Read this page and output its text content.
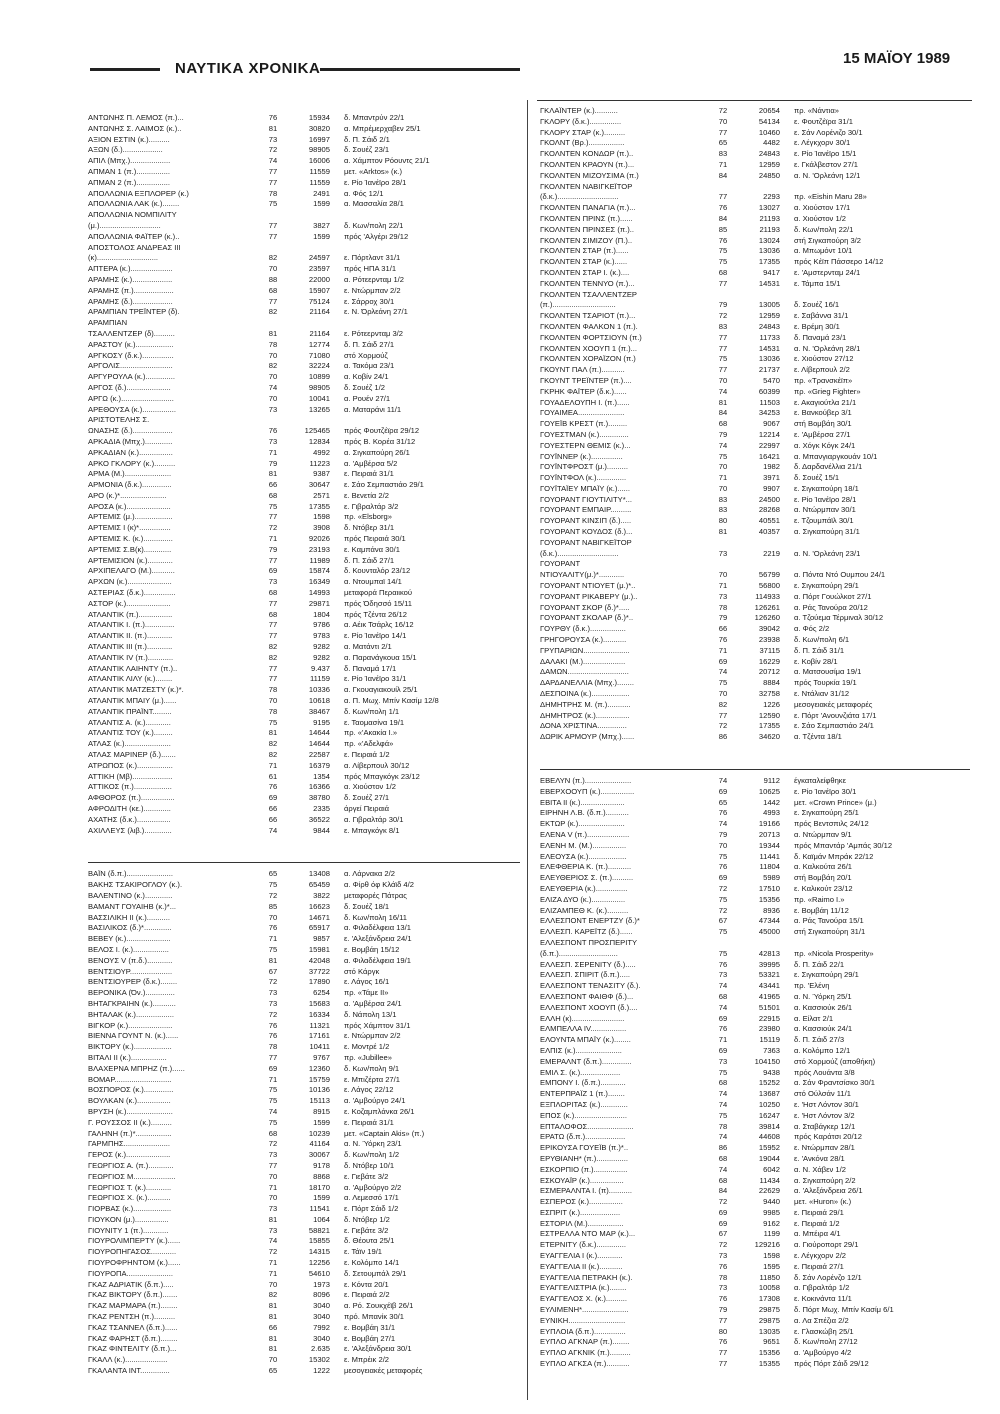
ΝΑΥΤΙΚΑ ΧΡΟΝΙΚΑ
15 ΜΑΪΟΥ 1989
ΑΝΤΩΝΗΣ Π. ΛΕΜΟΣ (π.)...	76	15934	δ. Μπαντρύν 22/1
ΑΝΤΩΝΗΣ Σ. ΛΑΙΜΟΣ (κ.)..	81	30820	α. Μπρέμερχαβεν 25/1
ΑΞΙΟΝ ΕΣΤΙΝ (κ.)..........	73	16997	δ. Π. Σάιδ 2/1
ΑΞΩΝ (δ.)...................	72	98905	δ. Σουέζ 23/1
ΑΠΙΛ (Μπχ.)...................	74	16006	α. Χάμπτον Ρόουντς 21/1
ΑΠΜΑΝ 1 (π.)................	77	11559	μετ. «Arktos» (κ.)
ΑΠΜΑΝ 2 (π.)................	77	11559	ε. Ρίο Ίανέϊρο 28/1
ΑΠΟΛΛΩΝΙΑ ΕΞΠΛΟΡΕΡ (κ.)	78	2491	α. Φός 12/1
ΑΠΟΛΛΩΝΙΑ ΛΑΚ (κ.)........	75	1599	α. Μασσαλία 28/1
ΑΠΟΛΛΩΝΙΑ ΝΟΜΠΙΛΙΤΥ
(μ.).............................	77	3827	δ. Κων/πολη 22/1
ΑΠΟΛΛΩΝΙΑ ΦΑΪΤΕΡ (κ.)..	77	1599	πρός 'Αλγέρι 29/12
ΑΠΟΣΤΟΛΟΣ ΑΝΔΡΕΑΣ III
(κ).............................	82	24597	ε. Πόρτλαντ 31/1
ΑΠΤΕΡΑ (κ.)....................	70	23597	πρός ΗΠΑ 31/1
ΑΡΑΜΗΣ (κ.)...................	88	22000	α. Ρότεερνταμ 1/2
ΑΡΑΜΗΣ (π.)...................	68	15907	ε. Ντώρμπαν 2/2
ΑΡΑΜΗΣ (δ.)...................	77	75124	ε. Σάρροχ 30/1
ΑΡΑΜΠΙΑΝ ΤΡΕΪΝΤΕΡ (δ).	82	21164	ε. Ν. Όρλεάνη 27/1
ΑΡΑΜΠΙΑΝ
ΤΣΑΛΛΕΝΤΖΕΡ (δ)..........	81	21164	ε. Ρότεερνταμ 3/2
ΑΡΑΣΤΟΥ (κ.)..................	78	12774	δ. Π. Σάιδ 27/1
ΑΡΓΚΟΣΥ (δ.κ.)...............	70	71080	στό Χορμούζ
ΑΡΓΟΛΙΣ.........................	82	32224	α. Τακόμα 23/1
ΑΡΓΥΡΟΥΛΑ (κ.)..............	70	10899	α. Κοβίν 24/1
ΑΡΓΟΣ (δ.).....................	74	98905	δ. Σουέζ 1/2
ΑΡΓΩ (κ.).........................	70	10041	α. Ρουέν 27/1
ΑΡΕΘΟΥΣΑ (κ.)................	73	13265	α. Ματαράνι 11/1
ΑΡΙΣΤΟΤΕΛΗΣ Σ.
ΩΝΑΣΗΣ (δ.)...................	76	125465	πρός Φουτζέϊρα 29/12
ΑΡΚΑΔΙΑ (Μπχ.).............	73	12834	πρός Β. Κορέα 31/12
ΑΡΚΑΔΙΑΝ (κ.)................	71	4992	α. Σιγκαπούρη 26/1
ΑΡΚΟ ΓΚΛΟΡΥ (κ.)..........	79	11223	α. 'Αμβέρσα 5/2
ΑΡΜΑ (Μ.)......................	81	9387	ε. Πειραιά 31/1
ΑΡΜΟΝΙΑ (δ.κ.)..............	66	30647	ε. Σάο Σεμπαστιάο 29/1
ΑΡΟ (κ.)*......................	68	2571	ε. Βενετία 2/2
ΑΡΟΣΑ (κ.).....................	75	17355	ε. Γιβραλτάρ 3/2
ΑΡΤΕΜΙΣ (μ.)..................	77	1598	πρ. «Elsborg»
ΑΡΤΕΜΙΣ Ι (κ)*...............	72	3908	δ. Ντόβερ 31/1
ΑΡΤΕΜΙΣ Κ. (κ.)..............	71	92026	πρός Πειραιά 30/1
ΑΡΤΕΜΙΣ Σ.Β(κ).............	79	23193	ε. Καμπάνα 30/1
ΑΡΤΕΜΙΣΙΟΝ (κ.)............	77	11989	δ. Π. Σάιδ 27/1
ΑΡΧΙΠΕΛΑΓΟ (Μ.)...........	69	15874	δ. Κουνταλόρ 23/12
ΑΡΧΩΝ (κ.).....................	73	16349	α. Ντουμπαϊ 14/1
ΑΣΤΕΡΙΑΣ (δ.κ.)...............	68	14993	μεταφορά Περαιικού
ΑΣΤΟΡ (κ.).....................	77	29871	πρός Όδησσό 15/11
ΑΤΛΑΝΤΙΚ (π.)................	68	1804	πρός Τζέντα 26/12
ΑΤΛΑΝΤΙΚ Ι. (π.)..............	77	9786	α. Αέικ Τσάρλς 16/12
ΑΤΛΑΝΤΙΚ ΙΙ. (π.)............	77	9783	ε. Ρίο Ίανέϊρο 14/1
ΑΤΛΑΝΤΙΚ ΙΙΙ (π.)............	82	9282	α. Ματάντι 2/1
ΑΤΛΑΝΤΙΚ IV (π.)............	82	9282	α. Παρανάγκουα 15/1
ΑΤΛΑΝΤΙΚ ΛΑΙΗΝΤΥ (π.)..	77	9.437	δ. Παναμά 17/1
ΑΤΛΑΝΤΙΚ ΛΙΛΥ (κ.)........	77	11159	ε. Ρίο Ίανέϊρο 31/1
ΑΤΛΑΝΤΙΚ ΜΑΤΖΕΣΤΥ (κ.)*.	78	10336	α. Γκουαγιακουίλ 25/1
ΑΤΛΑΝΤΙΚ ΜΠΑΙΥ (μ.)......	70	10618	α. Π. Μωχ. Μπίν Κασίμ 12/8
ΑΤΛΑΝΤΙΚ ΠΡΑΪΝΤ.........	78	38467	δ. Κων/πολη 1/1
ΑΤΛΑΝΤΙΣ Α. (κ.)............	75	9195	ε. Ταομασίνα 19/1
ΑΤΛΑΝΤΙΣ ΤΟΥ (κ.).........	81	14644	πρ. «'Ακακία Ι.»
ΑΤΛΑΣ (κ.)......................	82	14644	πρ. «'Αδελφά»
ΑΤΛΑΣ ΜΑΡΙΝΕΡ (δ.).......	82	22587	ε. Πειραιά 1/2
ΑΤΡΩΠΟΣ (κ.).................	71	16379	α. Λίβερπουλ 30/12
ΑΤΤΙΚΗ (Μβ)...................	61	1354	πρός Μπαγκόγκ 23/12
ΑΤΤΙΚΟΣ (π.)..................	76	16366	α. Χιούστον 1/2
ΑΦΘΟΡΟΣ (π.)................	69	38780	δ. Σουέζ 27/1
ΑΦΡΟΔΙΤΗ (κε.).............	66	2335	άργεί Πειραιά
ΑΧΑΤΗΣ (δ.κ.)................	66	36522	α. Γιβραλτάρ 30/1
ΑΧΙΛΛΕΥΣ (λιβ.).............	74	9844	ε. Μπαγκόγκ 8/1
ΒΑΪΝ (δ.π.)......................	65	13408	α. Λάρνακα 2/2
ΒΑΚΗΣ ΤΣΑΚΙΡΟΓΛΟΥ (κ.).	75	65459	α. Φίρθ όφ Κλάϊδ 4/2
ΒΑΛΕΝΤΙΝΟ (κ.).............	72	3822	μεταφορές Πάτρας
ΒΑΜΑΝΤ ΓΟΥΑΙΗΒ (κ.)*...	85	16623	δ. Σουέζ 18/1
ΒΑΣΣΙΛΙΚΗ ΙΙ (κ.)...........	70	14671	δ. Κων/πολη 16/11
ΒΑΣΙΛΙΚΟΣ (δ.)*.............	76	65917	α. Φιλαδέλφεια 13/1
ΒΕΒΕΥ (κ.).....................	71	9857	ε. 'Αλεξάνδρεια 24/1
ΒΕΛΟΣ Ι. (κ.).................	75	15981	ε. Βομβάη 15/12
ΒΕΝΟΥΣ V (π.δ.)............	81	42048	α. Φιλαδέλφεια 19/1
ΒΕΝΤΣΙΟΥΡ....................	67	37722	στό Κάργκ
ΒΕΝΤΣΙΟΥΡΕΡ (δ.κ.)........	72	17890	ε. Λάγος 16/1
ΒΕΡΟΝΙΚΑ (Όν.)..............	73	6254	πρ. «Τάμε ΙΙ»
ΒΗΤΑΓΚΡΑΙΗΝ (κ.)...........	73	15683	α. 'Αμβέρσα 24/1
ΒΗΤΑΛΑΚ (κ.)..................	72	16334	δ. Νάπολη 13/1
ΒΙΓΚΟΡ (κ.).....................	76	11321	πρός Χάμπτον 31/1
ΒΙΕΝΝΑ ΓΟΥΝΤ Ν. (κ.)......	76	17161	ε. Ντώρμπαν 2/2
ΒΙΚΤΟΡΥ (κ.)..................	78	10411	ε. Μοντρέ 1/2
ΒΙΤΑΛΙ ΙΙ (κ.).................	77	9767	πρ. «Jubillee»
ΒΛΑΧΕΡΝΑ ΜΠΡΗΖ (π.)......	69	12360	δ. Κων/πολη 9/1
ΒΟΜΑΡ...........................	71	15759	ε. Μπιζέρτα 27/1
ΒΟΣΠΟΡΟΣ (κ.)..............	75	10136	ε. Λάγος 22/12
ΒΟΥΛΚΑΝ (κ.)................	75	15113	α. 'Αμβούργο 24/1
ΒΡΥΣΗ (κ.)......................	74	8915	ε. Κοζαμπλάνκα 26/1
Γ. ΡΟΥΣΣΟΣ ΙΙ (κ.)..........	75	1599	ε. Πειραιά 31/1
ΓΑΛΗΝΗ (π.)*.................	68	10239	μετ. «Captain Akis» (π.)
ΓΑΡΜΠΗΣ......................	72	41164	α. Ν. Ύόρκη 23/1
ΓΕΡΟΣ (κ.).....................	73	30067	δ. Κων/πολη 1/2
ΓΕΩΡΓΙΟΣ Α. (π.)............	77	9178	δ. Ντόβερ 10/1
ΓΕΩΡΓΙΟΣ Μ....................	70	8868	ε. Γιεβάτε 3/2
ΓΕΩΡΓΙΟΣ Τ. (κ.)............	71	18170	α. 'Αμβούργο 2/2
ΓΕΩΡΓΙΟΣ Χ. (κ.)...........	70	1599	α. Λεμεσσό 17/1
ΓΙΟΡΒΑΣ (κ.)..................	73	11541	ε. Πόρτ Σάιδ 1/2
ΓΙΟΥΚΟΝ (μ.)................	81	1064	δ. Ντόβερ 1/2
ΓΙΟΥΝΙΤΥ 1 (π.)............	73	58821	ε. Γιεβάτε 3/2
ΓΙΟΥΡΟΛΙΜΠΕΡΤΥ (κ.)......	74	15855	δ. Θέουτα 25/1
ΓΙΟΥΡΟΠΗΓΑΣΟΣ............	72	14315	ε. Τάϊν 19/1
ΓΙΟΥΡΟΦΡΗΝΤΟΜ (κ.)......	71	12256	ε. Κολόμπο 14/1
ΓΙΟΥΡΟΠΑ......................	71	54610	δ. Σετουμπάλ 29/1
ΓΚΑΖ ΑΔΡΙΑΤΙΚ (δ.π.).....	70	1973	ε. Κόντα 20/1
ΓΚΑΖ ΒΙΚΤΟΡΥ (δ.π.).......	82	8096	ε. Πειραιά 2/2
ΓΚΑΖ ΜΑΡΜΑΡΑ (π.)........	81	3040	α. Ρό. Σουκχέϊβ 26/1
ΓΚΑΖ ΡΕΝΤΣΗ (π.)..........	81	3040	πρό. Μπανίκ 30/1
ΓΚΑΖ ΤΣΑΝΝΕΛ (δ.π.)......	66	7992	ε. Βομβάη 31/1
ΓΚΑΖ ΦΑΡΗΣΤ (δ.π.)........	81	3040	ε. Βομβάη 27/1
ΓΚΑΖ ΦΙΝΤΕΛΙΤΥ (δ.π.)...	81	2.635	ε. 'Αλεξάνδρεια 30/1
ΓΚΑΛΛ (κ.)....................	70	15302	ε. Μπρέικ 2/2
ΓΚΑΛΑΝΤΑ ΙΝΤ..............	65	1222	μεσογειακές μεταφορές
ΓΚΛΑΪΝΤΕΡ (κ.)...........	72	20654	πρ. «Νάντια»
ΓΚΛΟΡΥ (δ.κ.)...............	70	54134	ε. Φουτζέϊρα 31/1
ΓΚΛΟΡΥ ΣΤΑΡ (κ.)..........	77	10460	ε. Σάν Λορένιζο 30/1
ΓΚΟΛΝΤ (Βρ.).................	65	4482	ε. Λέγκχορν 30/1
ΓΚΟΛΝΤΕΝ ΚΟΝΔΩΡ (π.)..	83	24843	ε. Ρίο Ίανέϊρο 15/1
ΓΚΟΛΝΤΕΝ ΚΡΑΟΥΝ (π.)...	71	12959	ε. Γκάλβεστον 27/1
ΓΚΟΛΝΤΕΝ ΜΙΖΟΥΣΙΜΑ (π.)	84	24850	α. Ν. 'Ορλεάνη 12/1
ΓΚΟΛΝΤΕΝ ΝΑΒΙΓΚΕΪΤΟΡ
(δ.κ.).............................	77	2293	πρ. «Eishin Maru 28»
ΓΚΟΛΝΤΕΝ ΠΑΝΑΓΙΑ (π.)...	76	13027	α. Χιούστον 17/1
ΓΚΟΛΝΤΕΝ ΠΡΙΝΣ (π.)......	84	21193	α. Χιούστον 1/2
ΓΚΟΛΝΤΕΝ ΠΡΙΝΣΕΣ (π.)..	85	21193	δ. Κων/πολη 22/1
ΓΚΟΛΝΤΕΝ ΣΙΜΙΖΟΥ (Π.)..	76	13024	στή Σιγκαπούρη 3/2
ΓΚΟΛΝΤΕΝ ΣΤΑΡ (π.)......	75	13036	α. Μπωμόντ 10/1
ΓΚΟΛΝΤΕΝ ΣΤΑΡ (κ.)......	75	17355	πρός Κέϊπ Πάσσερο 14/12
ΓΚΟΛΝΤΕΝ ΣΤΑΡ Ι. (κ.)....	68	9417	ε. 'Αμστερνταμ 24/1
ΓΚΟΛΝΤΕΝ ΤΕΝΝΥΟ (π.)...	77	14531	ε. Τάμπα 15/1
ΓΚΟΛΝΤΕΝ ΤΣΑΛΛΕΝΤΖΕΡ
(π.)..............................	79	13005	δ. Σουέζ 16/1
ΓΚΟΛΝΤΕΝ ΤΣΑΡΙΟΤ (π.)...	72	12959	ε. Σαβάννα 31/1
ΓΚΟΛΝΤΕΝ ΦΑΛΚΟΝ 1 (π.).	83	24843	ε. Βρέμη 30/1
ΓΚΟΛΝΤΕΝ ΦΟΡΤΣΙΟΥΝ (π.)	77	11733	δ. Παναμά 23/1
ΓΚΟΛΝΤΕΝ ΧΟΟΥΠ 1 (π.)...	77	14531	α. Ν. 'Ορλεάνη 28/1
ΓΚΟΛΝΤΕΝ ΧΟΡΑΪΖΟΝ (π.)	75	13036	ε. Χιούστον 27/12
ΓΚΟΥΝΤ ΠΑΛ (π.)...........	77	21737	ε. Λίβερπουλ 2/2
ΓΚΟΥΝΤ ΤΡΕΪΝΤΕΡ (π.)....	70	5470	πρ. «Τρανσκέϊπ»
ΓΚΡΗΚ ΦΑΪΤΕΡ (δ.κ.)......	74	60399	πρ. «Grieg Fighter»
ΓΟΥΑΔΕΛΟΥΠΗ Ι. (π.)......	81	11503	ε. Ακαγιούτλα 21/1
ΓΟΥΑΙΜΕΑ......................	84	34253	ε. Βανκούβερ 3/1
ΓΟΥΕΪΒ ΚΡΕΣΤ (π.).........	68	9067	στή Βομβάη 30/1
ΓΟΥΕΣΤΜΑΝ (κ.)..............	79	12214	ε. 'Αμβέρσα 27/1
ΓΟΥΕΣΤΕΡΝ ΘΕΜΙΣ (κ.)...	74	22997	α. Χόγκ Κόγκ 24/1
ΓΟΥΪΝΝΕΡ (κ.)...............	75	16421	α. Μπανγιαργκουάν 10/1
ΓΟΥΪΝΤΦΡΟΣΤ (μ.)..........	70	1982	δ. Δαρδανέλλια 21/1
ΓΟΥΪΝΤΦΟΛ (κ.)..............	71	3971	δ. Σουέζ 15/1
ΓΟΥΪΤΑΪΕΥ ΜΠΑΪΥ (κ.)......	70	9907	ε. Σιγκαπούρη 18/1
ΓΟΥΟΡΑΝΤ ΓΙΟΥΤΙΛΙΤΥ*...	83	24500	ε. Ρίο Ίανέϊρο 28/1
ΓΟΥΟΡΑΝΤ ΕΜΠΑΙΡ..........	83	28268	α. Ντώρμπαν 30/1
ΓΟΥΟΡΑΝΤ ΚΙΝΣΙΠ (δ.).....	80	40551	ε. Τζουμπάϊλ 30/1
ΓΟΥΟΡΑΝΤ ΚΟΥΔΟΣ (δ.)...	81	40357	α. Σιγκαπούρη 31/1
ΓΟΥΟΡΑΝΤ ΝΑΒΙΓΚΕΪΤΟΡ
(δ.κ.).............................	73	2219	α. Ν. 'Ορλεάνη 23/1
ΓΟΥΟΡΑΝΤ
ΝΤΙΟΥΑΛΙΤΥ(μ.)*............	70	56799	α. Πόντα Ντό Ουμπου 24/1
ΓΟΥΟΡΑΝΤ ΝΤΙΟΥΕΤ (μ.)*..	71	56800	ε. Σιγκαπούρη 29/1
ΓΟΥΟΡΑΝΤ ΡΙΚΑΒΕΡΥ (μ.)..	73	114933	α. Πόρτ Γουώλκοτ 27/1
ΓΟΥΟΡΑΝΤ ΣΚΟΡ (δ.)*.....	78	126261	α. Ράς Τανούρα 20/12
ΓΟΥΟΡΑΝΤ ΣΚΟΛΑΡ (δ.)*..	79	126260	α. Τζούεμα Τέρμιναλ 30/12
ΓΟΥΡΘΥ (δ.κ.).................	66	39042	α. Φός 2/2
ΓΡΗΓΟΡΟΥΣΑ (κ.)...........	76	23938	δ. Κων/πολη 6/1
ΓΡΥΠΑΡΙΩΝ......................	71	37115	δ. Π. Σάιδ 31/1
ΔΑΛΑΚΙ (Μ.)....................	69	16229	ε. Κοβίν 28/1
ΔΑΜΩΝ.............................	74	20712	α. Ματσουσίμα 19/1
ΔΑΡΔΑΝΕΛΛΙΑ (Μπχ.)........	75	8884	πρός Τουρκία 19/1
ΔΕΣΠΟΙΝΑ (κ.)..................	70	32758	ε. Ντάλιαν 31/12
ΔΗΜΗΤΡΗΣ Μ. (π.)...........	82	1226	μεσογειακές μεταφορές
ΔΗΜΗΤΡΟΣ (κ.)................	77	12590	ε. Πόρτ 'Ανουνζιάτα 17/1
ΔΟΝΑ ΧΡΙΣΤΙΝΑ..............	72	17355	ε. Σάο Σεμπαστιάο 24/1
ΔΩΡΙΚ ΑΡΜΟΥΡ (Μπχ.)......	86	34620	α. Τζέντα 18/1
ΕΒΕΛΥΝ (π.)......................	74	9112	έγκαταλείφθηκε
ΕΒΕΡΧΟΟΥΠ (κ.)................	69	10625	ε. Ρίο Ίανέϊρο 30/1
ΕΒΙΤΑ ΙΙ (κ.).....................	65	1442	μετ. «Crown Prince» (μ.)
ΕΙΡΗΝΗ Λ.Β. (δ.π.)...........	76	4993	ε. Σιγκαπούρη 25/1
ΕΚΤΩΡ (κ.)......................	74	19166	πρός Βεντσπιλς 24/12
ΕΛΕΝΑ V (π.)....................	79	20713	α. Ντώρμπαν 9/1
ΕΛΕΝΗ Μ. (Μ.)................	70	19344	πρός Μπαντάρ 'Αμπάς 30/12
ΕΛΕΟΥΣΑ (κ.)..................	75	11441	δ. Καϊμάν Μπράκ 22/12
ΕΛΕΦΘΕΡΙΑ Κ. (π.)...........	76	11804	α. Καλκούτα 26/1
ΕΛΕΥΘΕΡΙΟΣ Σ. (π.)..........	69	5989	στή Βομβάη 20/1
ΕΛΕΥΘΕΡΙΑ (κ.)...............	72	17510	ε. Καλικούτ 23/12
ΕΛΙΖΑ ΔΥΟ (κ.)................	75	15356	πρ. «Raimo I.»
ΕΛΙΖΑΜΠΕΘ Κ. (κ.)..........	72	8936	ε. Βομβάη 11/12
ΕΛΛΕΣΠΟΝΤ ΕΝΕΡΤΖΥ (δ.)*	67	47344	α. Ράς Τανούρα 15/1
ΕΛΛΕΣΠ. ΚΑΡΕΪΤΖ (δ.)......	75	45000	στή Σιγκαπούρη 31/1
ΕΛΛΕΣΠΟΝΤ ΠΡΟΣΠΕΡΙΤΥ
(δ.π.)............................	75	42813	πρ. «Nicola Prosperity»
ΕΛΛΕΣΠ. ΣΕΡΕΝΙΤΥ (δ.).....	76	39995	δ. Π. Σάιδ 22/1
ΕΛΛΕΣΠ. ΣΠΙΡΙΤ (δ.π.).....	73	53321	ε. Σιγκαπούρη 29/1
ΕΛΛΕΣΠΟΝΤ ΤΕΝΑΣΙΤΥ (δ.).	74	43441	πρ. 'Ελένη
ΕΛΛΕΣΠΟΝΤ ΦΑΙΘΦ (δ.)...	68	41965	α. Ν. Ύόρκη 25/1
ΕΛΛΕΣΠΟΝΤ ΧΟΟΥΠ (δ.)....	74	51501	α. Κασσιούκ 26/1
ΕΛΛΗ (κ).........................	69	22915	α. Είλατ 2/1
ΕΛΜΠΕΛΛΑ IV.................	76	23980	α. Κασσιούκ 24/1
ΕΛΟΥΝΤΑ ΜΠΑΪΥ (κ.)........	71	15119	δ. Π. Σάιδ 27/3
ΕΛΠΙΣ (κ.)......................	69	7363	α. Κολόμπο 12/1
ΕΜΕΡΑΛΝΤ (δ.π.)..............	73	104150	στό Χορμούζ (αποθήκη)
ΕΜΙΛ Σ. (κ.)...................	75	9438	πρός Λουάντα 3/8
ΕΜΠΟΝΥ Ι. (δ.π.)............	68	15252	α. Σάν Φραντσίσκο 30/1
ΕΝΤΕΡΠΡΑΪΖ 1 (π.)........	74	13687	στό Ούλσάν 11/1
ΕΞΠΛΟΡΙΤΑΣ (κ.).............	74	10250	ε. 'Ηστ Λόντον 30/1
ΕΠΟΣ (κ.).........................	75	16247	ε. 'Ηστ Λόντον 3/2
ΕΠΤΑΛΟΦΟΣ......................	78	39814	α. Σταβάγκερ 12/1
ΕΡΑΤΩ (δ.π.)...................	74	44608	πρός Καράτσι 20/12
ΕΡΙΚΟΥΣΑ ΓΟΥΕΪΒ (π.)*..	86	15952	ε. Ντώρμπαν 28/1
ΕΡΥΘΙΑΝΗ* (π.)...............	68	19044	ε. 'Ανκόνα 28/1
ΕΣΚΟΡΠΙΟ (π.)................	74	6042	α. Ν. Χάβεν 1/2
ΕΣΚΟΥΑΪΡ (κ.)................	68	11434	α. Σιγκαπούρη 2/2
ΕΣΜΕΡΑΛΝΤΑ Ι. (π)...........	84	22629	α. 'Αλεξάνδρεια 26/1
ΕΣΠΕΡΟΣ (κ.)................	72	9440	μετ. «Huron» (κ.)
ΕΣΠΡΙΤ (κ.)...................	69	9985	ε. Πειραιά 29/1
ΕΣΤΟΡΙΛ (Μ.).................	69	9162	ε. Πειραιά 1/2
ΕΣΤΡΕΛΛΑ ΝΤΟ ΜΑΡ (κ.)...	67	1199	α. Μπέιρα 4/1
ΕΤΕΡΝΙΤΥ (δ.κ.)..............	72	129216	α. Γιούροπορτ 29/1
ΕΥΑΓΓΕΛΙΑ Ι (κ.)............	73	1598	ε. Λέγκχορν 2/2
ΕΥΑΓΓΕΛΙΑ ΙΙ (κ.)...........	76	1595	ε. Πειραιά 27/1
ΕΥΑΓΓΕΛΙΑ ΠΕΤΡΑΚΗ (κ.).	78	11850	δ. Σάν Λορένζο 12/1
ΕΥΑΓΓΕΛΙΣΤΡΙΑ (κ.)........	73	10058	α. Γιβραλτάρ 1/2
ΕΥΑΓΓΕΛΟΣ Χ. (κ.)..........	76	17308	ε. Κοκινάντα 11/1
ΕΥΛΙΜΕΝΗ*......................	79	29875	δ. Πόρτ Μωχ. Μπίν Κασίμ 6/1
ΕΥΝΙΚΗ...........................	77	29875	α. Λα Σπέζια 2/2
ΕΥΠΛΟΙΑ (δ.π.)...............	80	13035	ε. Γλασκώβη 25/1
ΕΥΠΛΟ ΑΓΚΝΑΡ (π.)........	76	9651	δ. Κων/πολη 27/12
ΕΥΠΛΟ ΑΓΚΝΙΚ (π.)..........	77	15356	α. 'Αμβούργο 4/2
ΕΥΠΛΟ ΑΓΚΣΑ (π.)...........	77	15355	πρός Πόρτ Σάιδ 29/12
